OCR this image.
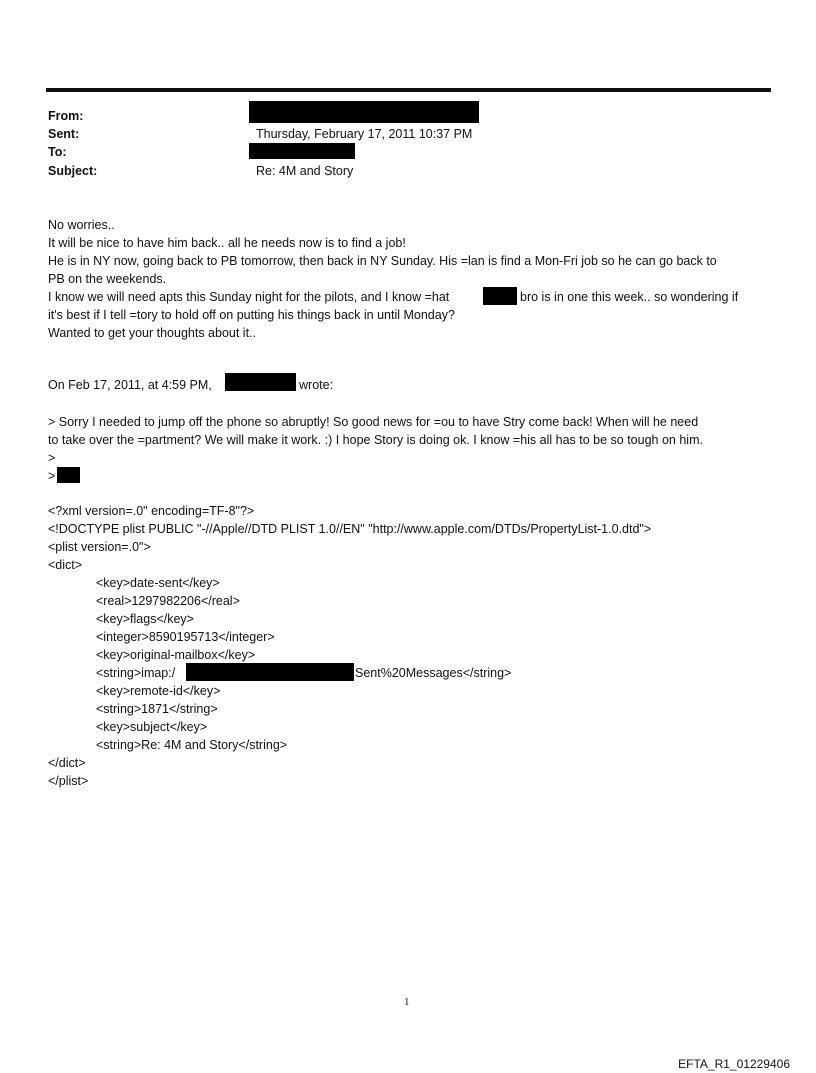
From:
Sent:	Thursday, February 17, 2011 10:37 PM
To:
Subject:	Re: 4M and Story
No worries..
It will be nice to have him back.. all he needs now is to find a job!
He is in NY now, going back to PB tomorrow, then back in NY Sunday. His =lan is find a Mon-Fri job so he can go back to
PB on the weekends.
I know we will need apts this Sunday night for the pilots, and I know =hat	bro is in one this week.. so wondering if
it's best if I tell =tory to hold off on putting his things back in until Monday?
Wanted to get your thoughts about it..
On Feb 17, 2011, at 4:59 PM,	wrote:
> Sorry I needed to jump off the phone so abruptly! So good news for =ou to have Stry come back! When will he need
to take over the =partment? We will make it work. :) I hope Story is doing ok. I know =his all has to be so tough on him.
>
>
<?xml version=.0" encoding=TF-8"?>
<!DOCTYPE plist PUBLIC "-//Apple//DTD PLIST 1.0//EN" "http://www.apple.com/DTDs/PropertyList-1.0.dtd">
<plist version=.0">
<dict>
<key>date-sent</key>
<real>1297982206</real>
<key>flags</key>
<integer>8590195713</integer>
<key>original-mailbox</key>
<string>imap:/	Sent%20Messages</string>
<key>remote-id</key>
<string>1871</string>
<key>subject</key>
<string>Re: 4M and Story</string>
</dict>
</plist>
1
EFTA_R1_01229406
